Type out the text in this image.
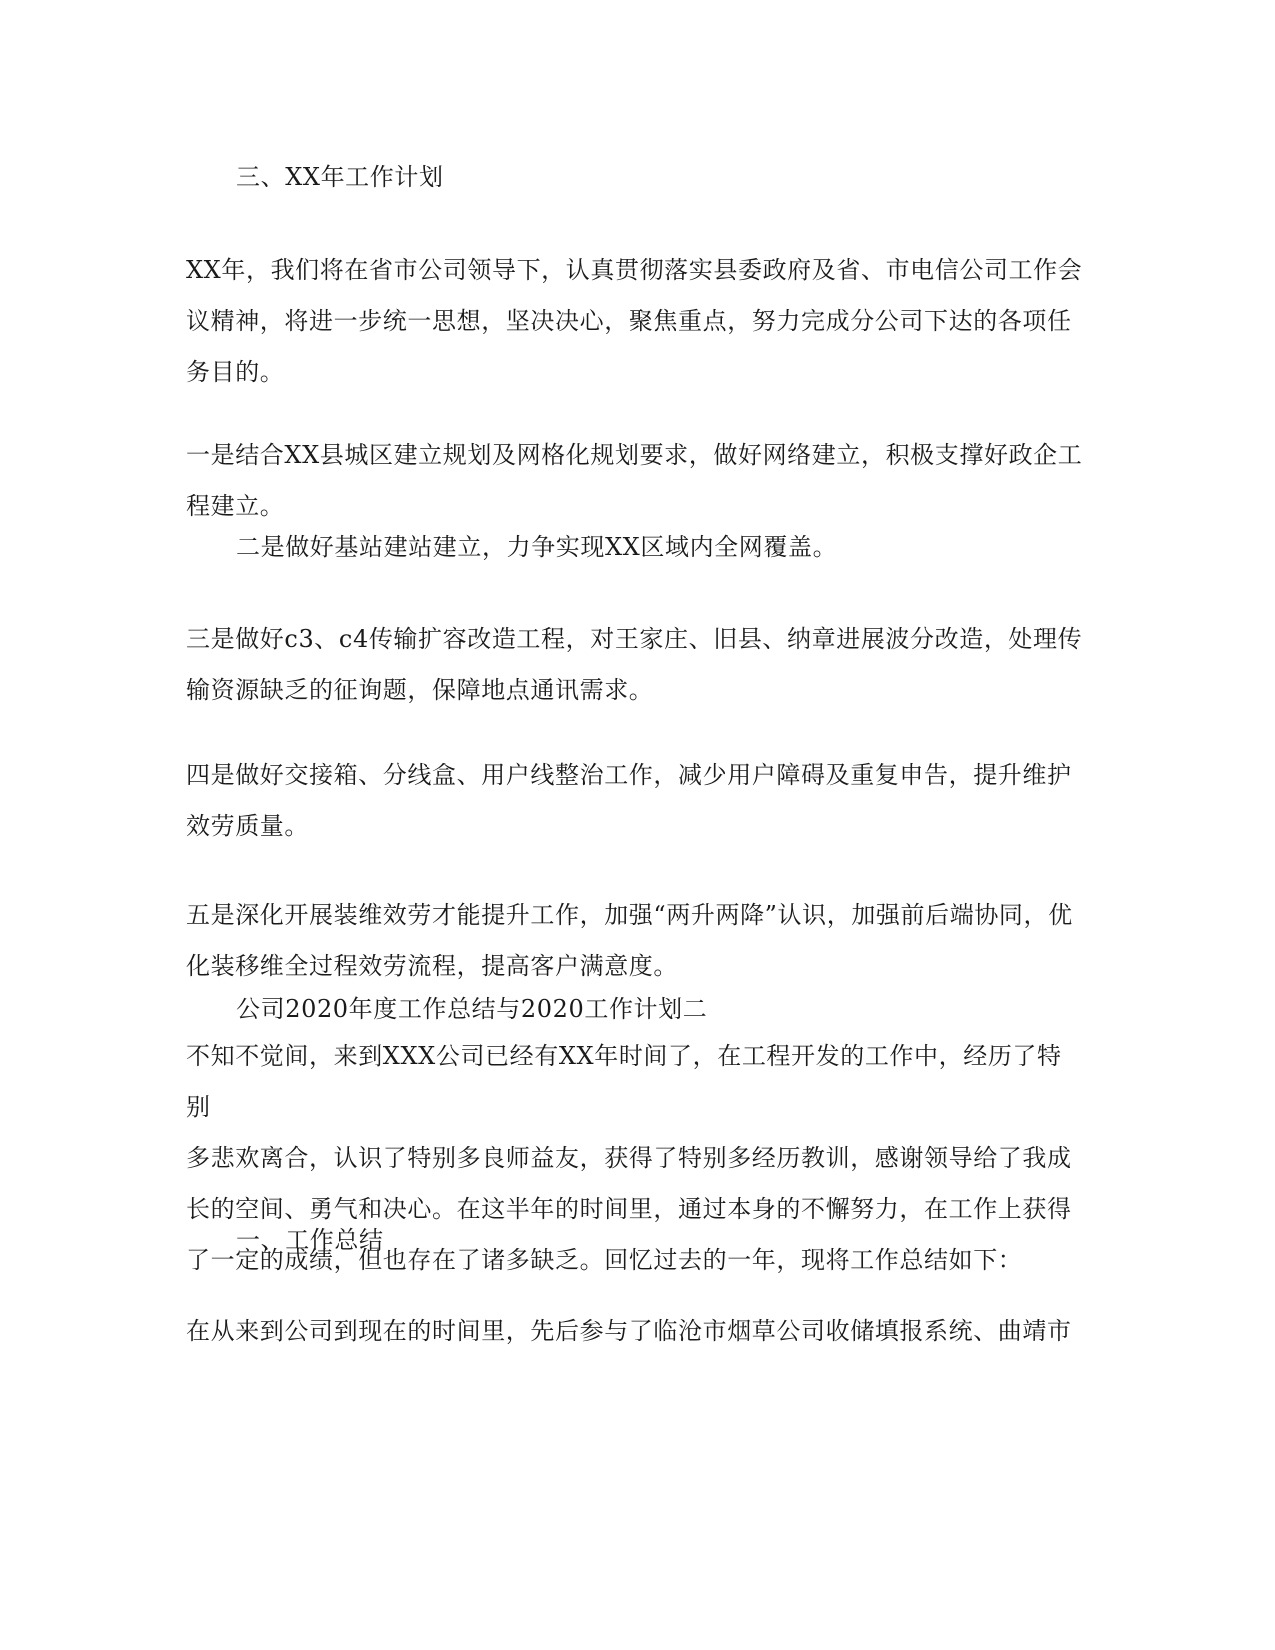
三、XX年工作计划
XX年，我们将在省市公司领导下，认真贯彻落实县委政府及省、市电信公司工作会
议精神，将进一步统一思想，坚决决心，聚焦重点，努力完成分公司下达的各项任
务目的。
一是结合XX县城区建立规划及网格化规划要求，做好网络建立，积极支撑好政企工
程建立。
二是做好基站建站建立，力争实现XX区域内全网覆盖。
三是做好c3、c4传输扩容改造工程，对王家庄、旧县、纳章进展波分改造，处理传
输资源缺乏的征询题，保障地点通讯需求。
四是做好交接箱、分线盒、用户线整治工作，减少用户障碍及重复申告，提升维护
效劳质量。
五是深化开展装维效劳才能提升工作，加强“两升两降”认识，加强前后端协同，优
化装移维全过程效劳流程，提高客户满意度。
公司2020年度工作总结与2020工作计划二
不知不觉间，来到XXX公司已经有XX年时间了，在工程开发的工作中，经历了特别
多悲欢离合，认识了特别多良师益友，获得了特别多经历教训，感谢领导给了我成
长的空间、勇气和决心。在这半年的时间里，通过本身的不懈努力，在工作上获得
了一定的成绩，但也存在了诸多缺乏。回忆过去的一年，现将工作总结如下：
一、工作总结
在从来到公司到现在的时间里，先后参与了临沧市烟草公司收储填报系统、曲靖市
